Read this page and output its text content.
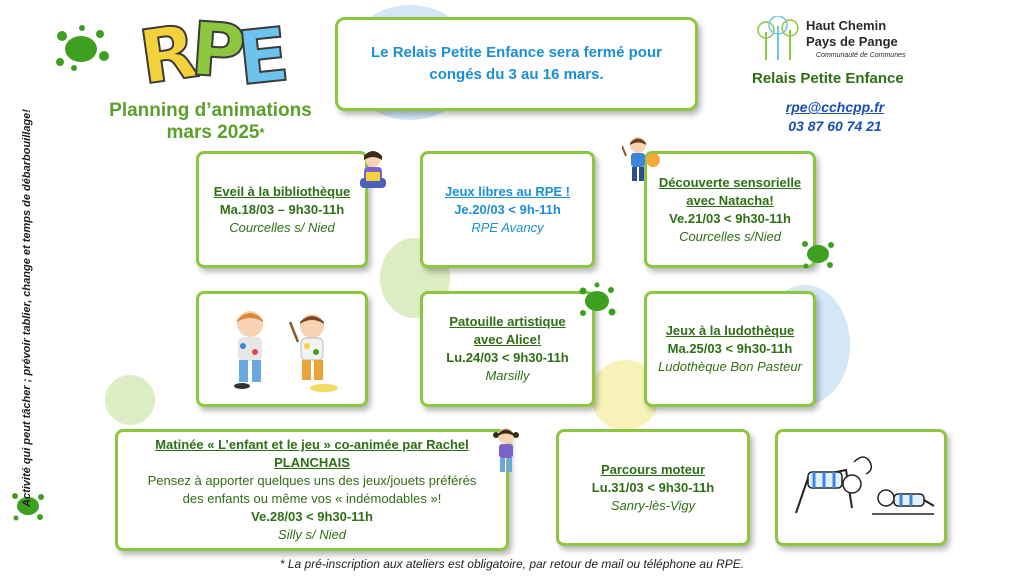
R
P
E
Planning d’animations
mars 2025*
Le Relais Petite Enfance sera fermé pour
congés du 3 au 16 mars.
Haut Chemin
Pays de Pange
Communauté de Communes
Relais Petite Enfance
rpe@cchcpp.fr
03 87 60 74 21
Activité qui peut tâcher ; prévoir tablier, change et temps de débarbouillage!	Eveil à la bibliothèque
Ma.18/03 – 9h30-11h
Courcelles s/ Nied
Jeux libres au RPE !
Je.20/03 < 9h-11h
RPE Avancy
Découverte sensorielle avec Natacha!
Ve.21/03 < 9h30-11h
Courcelles s/Nied
Patouille artistique avec Alice!
Lu.24/03 < 9h30-11h
Marsilly
Jeux à la ludothèque
Ma.25/03 < 9h30-11h
Ludothèque Bon Pasteur
Matinée « L’enfant et le jeu » co-animée par Rachel PLANCHAIS
Pensez à apporter quelques uns des jeux/jouets préférés des enfants ou même vos « indémodables »!
Ve.28/03 < 9h30-11h
Silly s/ Nied
Parcours moteur
Lu.31/03 < 9h30-11h
Sanry-lès-Vigy
* La pré-inscription aux ateliers est obligatoire, par retour de mail ou téléphone au RPE.
